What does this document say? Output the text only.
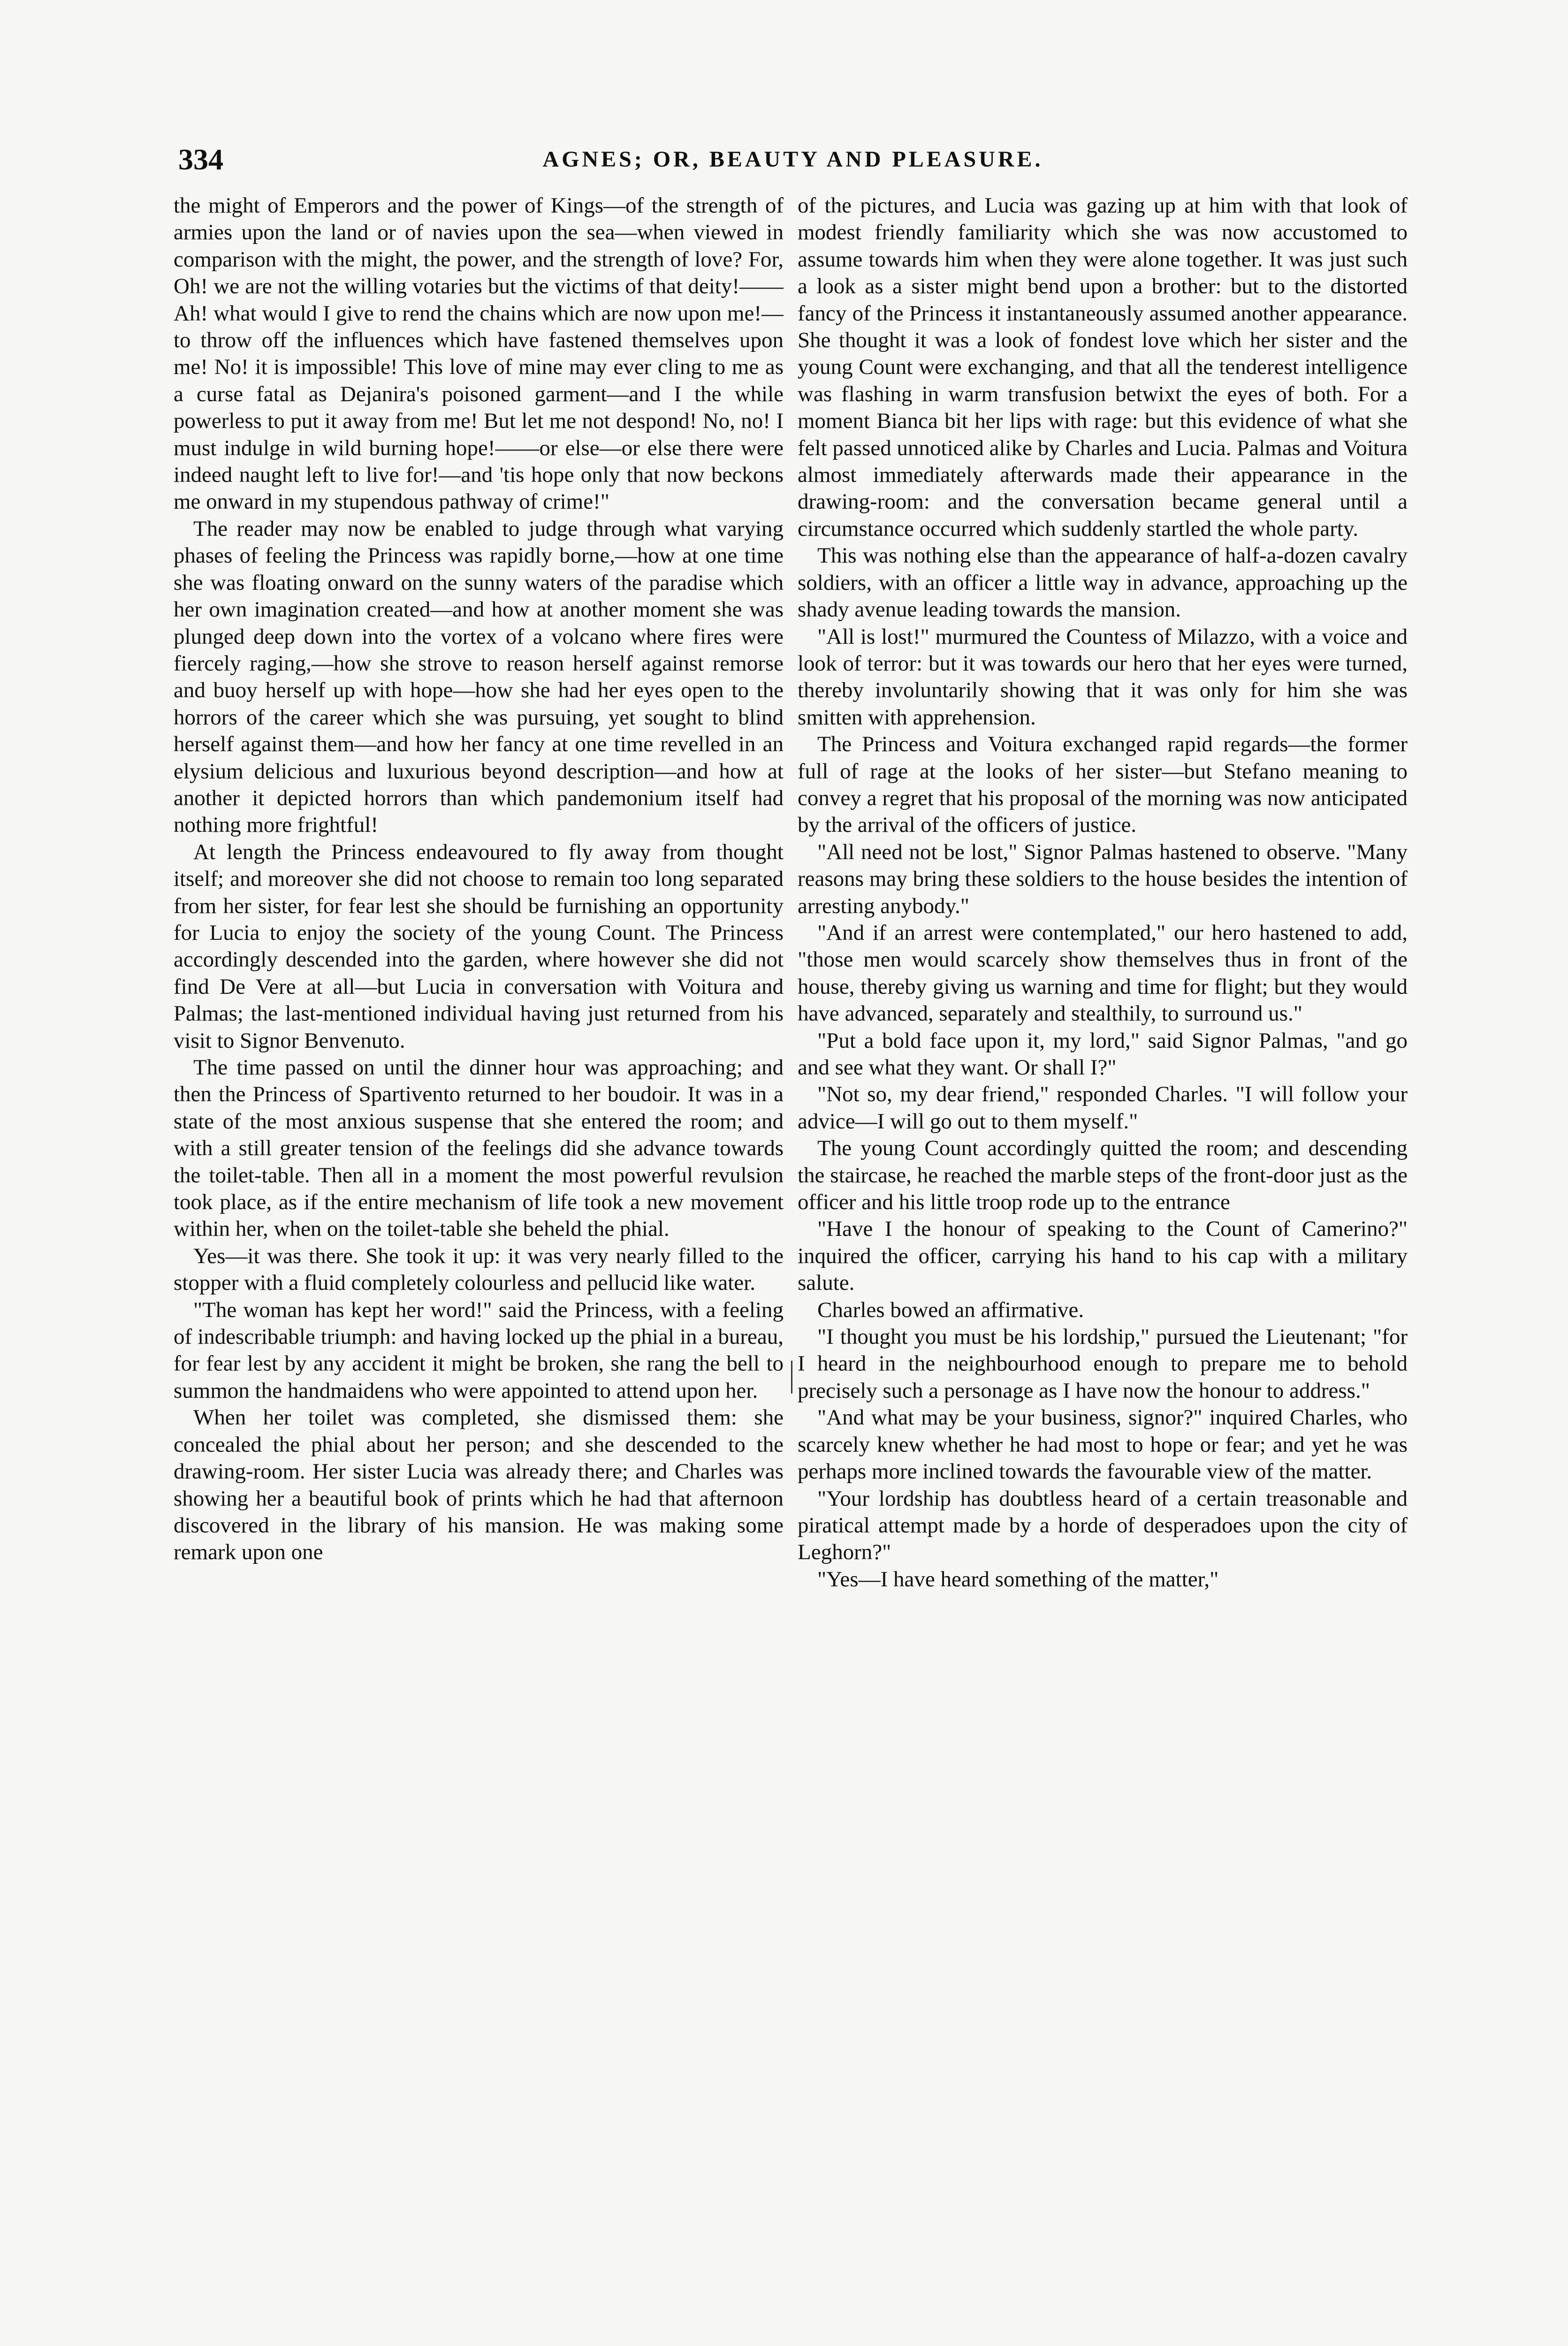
334	AGNES; OR, BEAUTY AND PLEASURE.

the might of Emperors and the power of Kings—of the strength of armies upon the land or of navies upon the sea—when viewed in comparison with the might, the power, and the strength of love? For, Oh! we are not the willing votaries but the victims of that deity!——Ah! what would I give to rend the chains which are now upon me!—to throw off the influences which have fastened themselves upon me! No! it is impossible! This love of mine may ever cling to me as a curse fatal as Dejanira's poisoned garment—and I the while powerless to put it away from me! But let me not despond! No, no! I must indulge in wild burning hope!——or else—or else there were indeed naught left to live for!—and 'tis hope only that now beckons me onward in my stupendous pathway of crime!"

The reader may now be enabled to judge through what varying phases of feeling the Princess was rapidly borne,—how at one time she was floating onward on the sunny waters of the paradise which her own imagination created—and how at another moment she was plunged deep down into the vortex of a volcano where fires were fiercely raging,—how she strove to reason herself against remorse and buoy herself up with hope—how she had her eyes open to the horrors of the career which she was pursuing, yet sought to blind herself against them—and how her fancy at one time revelled in an elysium delicious and luxurious beyond description—and how at another it depicted horrors than which pandemonium itself had nothing more frightful!

At length the Princess endeavoured to fly away from thought itself; and moreover she did not choose to remain too long separated from her sister, for fear lest she should be furnishing an opportunity for Lucia to enjoy the society of the young Count. The Princess accordingly descended into the garden, where however she did not find De Vere at all—but Lucia in conversation with Voitura and Palmas; the last-mentioned individual having just returned from his visit to Signor Benvenuto.

The time passed on until the dinner hour was approaching; and then the Princess of Spartivento returned to her boudoir. It was in a state of the most anxious suspense that she entered the room; and with a still greater tension of the feelings did she advance towards the toilet-table. Then all in a moment the most powerful revulsion took place, as if the entire mechanism of life took a new movement within her, when on the toilet-table she beheld the phial.

Yes—it was there. She took it up: it was very nearly filled to the stopper with a fluid completely colourless and pellucid like water.

"The woman has kept her word!" said the Princess, with a feeling of indescribable triumph: and having locked up the phial in a bureau, for fear lest by any accident it might be broken, she rang the bell to summon the handmaidens who were appointed to attend upon her.

When her toilet was completed, she dismissed them: she concealed the phial about her person; and she descended to the drawing-room. Her sister Lucia was already there; and Charles was showing her a beautiful book of prints which he had that afternoon discovered in the library of his mansion. He was making some remark upon one

of the pictures, and Lucia was gazing up at him with that look of modest friendly familiarity which she was now accustomed to assume towards him when they were alone together. It was just such a look as a sister might bend upon a brother: but to the distorted fancy of the Princess it instantaneously assumed another appearance. She thought it was a look of fondest love which her sister and the young Count were exchanging, and that all the tenderest intelligence was flashing in warm transfusion betwixt the eyes of both. For a moment Bianca bit her lips with rage: but this evidence of what she felt passed unnoticed alike by Charles and Lucia. Palmas and Voitura almost immediately afterwards made their appearance in the drawing-room: and the conversation became general until a circumstance occurred which suddenly startled the whole party.

This was nothing else than the appearance of half-a-dozen cavalry soldiers, with an officer a little way in advance, approaching up the shady avenue leading towards the mansion.

"All is lost!" murmured the Countess of Milazzo, with a voice and look of terror: but it was towards our hero that her eyes were turned, thereby involuntarily showing that it was only for him she was smitten with apprehension.

The Princess and Voitura exchanged rapid regards—the former full of rage at the looks of her sister—but Stefano meaning to convey a regret that his proposal of the morning was now anticipated by the arrival of the officers of justice.

"All need not be lost," Signor Palmas hastened to observe. "Many reasons may bring these soldiers to the house besides the intention of arresting anybody."

"And if an arrest were contemplated," our hero hastened to add, "those men would scarcely show themselves thus in front of the house, thereby giving us warning and time for flight; but they would have advanced, separately and stealthily, to surround us."

"Put a bold face upon it, my lord," said Signor Palmas, "and go and see what they want. Or shall I?"

"Not so, my dear friend," responded Charles. "I will follow your advice—I will go out to them myself."

The young Count accordingly quitted the room; and descending the staircase, he reached the marble steps of the front-door just as the officer and his little troop rode up to the entrance

"Have I the honour of speaking to the Count of Camerino?" inquired the officer, carrying his hand to his cap with a military salute.

Charles bowed an affirmative.

"I thought you must be his lordship," pursued the Lieutenant; "for I heard in the neighbourhood enough to prepare me to behold precisely such a personage as I have now the honour to address."

"And what may be your business, signor?" inquired Charles, who scarcely knew whether he had most to hope or fear; and yet he was perhaps more inclined towards the favourable view of the matter.

"Your lordship has doubtless heard of a certain treasonable and piratical attempt made by a horde of desperadoes upon the city of Leghorn?"

"Yes—I have heard something of the matter,"
